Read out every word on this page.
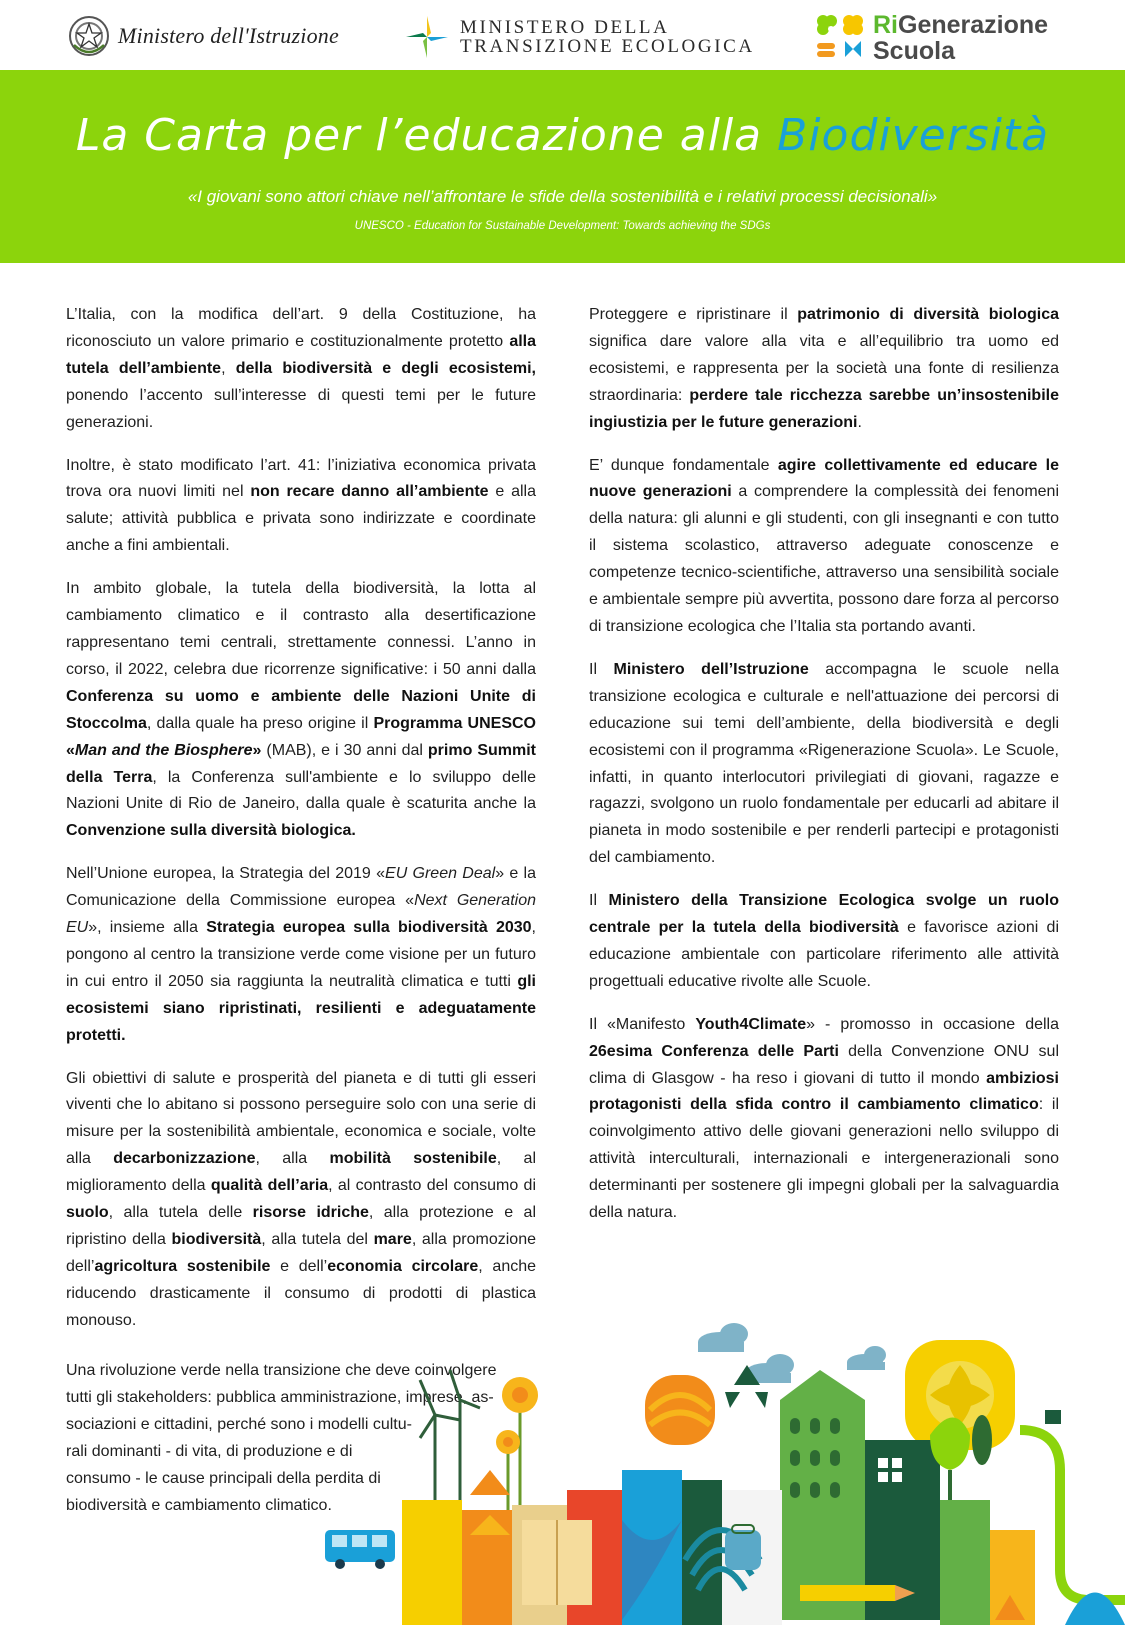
Ministero dell'Istruzione	MINISTERO DELLA
TRANSIZIONE ECOLOGICA
RiGenerazione
Scuola
La Carta per l’educazione alla Biodiversità
«I giovani sono attori chiave nell’affrontare le sfide della sostenibilità e i relativi processi decisionali»
UNESCO - Education for Sustainable Development: Towards achieving the SDGs

L’Italia, con la modifica dell’art. 9 della Costituzione, ha riconosciuto un valore primario e costituzionalmente protetto alla tutela dell’ambiente, della biodiversità e degli ecosistemi, ponendo l’accento sull’interesse di questi temi per le future generazioni.

Inoltre, è stato modificato l’art. 41: l’iniziativa economica privata trova ora nuovi limiti nel non recare danno all’ambiente e alla salute; attività pubblica e privata sono indirizzate e coordinate anche a fini ambientali.

In ambito globale, la tutela della biodiversità, la lotta al cambiamento climatico e il contrasto alla desertificazione rappresentano temi centrali, strettamente connessi. L’anno in corso, il 2022, celebra due ricorrenze significative: i 50 anni dalla Conferenza su uomo e ambiente delle Nazioni Unite di Stoccolma, dalla quale ha preso origine il Programma UNESCO «Man and the Biosphere» (MAB), e i 30 anni dal primo Summit della Terra, la Conferenza sull'ambiente e lo sviluppo delle Nazioni Unite di Rio de Janeiro, dalla quale è scaturita anche la Convenzione sulla diversità biologica.

Nell’Unione europea, la Strategia del 2019 «EU Green Deal» e la Comunicazione della Commissione europea «Next Generation EU», insieme alla Strategia europea sulla biodiversità 2030, pongono al centro la transizione verde come visione per un futuro in cui entro il 2050 sia raggiunta la neutralità climatica e tutti gli ecosistemi siano ripristinati, resilienti e adeguatamente protetti.

Gli obiettivi di salute e prosperità del pianeta e di tutti gli esseri viventi che lo abitano si possono perseguire solo con una serie di misure per la sostenibilità ambientale, economica e sociale, volte alla decarbonizzazione, alla mobilità sostenibile, al miglioramento della qualità dell’aria, al contrasto del consumo di suolo, alla tutela delle risorse idriche, alla protezione e al ripristino della biodiversità, alla tutela del mare, alla promozione dell’agricoltura sostenibile e dell’economia circolare, anche riducendo drasticamente il consumo di prodotti di plastica monouso.

Una rivoluzione verde nella transizione che deve coinvolgere
tutti gli stakeholders: pubblica amministrazione, imprese, as-
sociazioni e cittadini, perché sono i modelli cultu-
rali dominanti - di vita, di produzione e di
consumo - le cause principali della perdita di
biodiversità e cambiamento climatico.

Proteggere e ripristinare il patrimonio di diversità biologica significa dare valore alla vita e all’equilibrio tra uomo ed ecosistemi, e rappresenta per la società una fonte di resilienza straordinaria: perdere tale ricchezza sarebbe un’insostenibile ingiustizia per le future generazioni.

E’ dunque fondamentale agire collettivamente ed educare le nuove generazioni a comprendere la complessità dei fenomeni della natura: gli alunni e gli studenti, con gli insegnanti e con tutto il sistema scolastico, attraverso adeguate conoscenze e competenze tecnico-scientifiche, attraverso una sensibilità sociale e ambientale sempre più avvertita, possono dare forza al percorso di transizione ecologica che l’Italia sta portando avanti.

Il Ministero dell’Istruzione accompagna le scuole nella transizione ecologica e culturale e nell'attuazione dei percorsi di educazione sui temi dell’ambiente, della biodiversità e degli ecosistemi con il programma «Rigenerazione Scuola». Le Scuole, infatti, in quanto interlocutori privilegiati di giovani, ragazze e ragazzi, svolgono un ruolo fondamentale per educarli ad abitare il pianeta in modo sostenibile e per renderli partecipi e protagonisti del cambiamento.

Il Ministero della Transizione Ecologica svolge un ruolo centrale per la tutela della biodiversità e favorisce azioni di educazione ambientale con particolare riferimento alle attività progettuali educative rivolte alle Scuole.

Il «Manifesto Youth4Climate» - promosso in occasione della 26esima Conferenza delle Parti della Convenzione ONU sul clima di Glasgow - ha reso i giovani di tutto il mondo ambiziosi protagonisti della sfida contro il cambiamento climatico: il coinvolgimento attivo delle giovani generazioni nello sviluppo di attività interculturali, internazionali e intergenerazionali sono determinanti per sostenere gli impegni globali per la salvaguardia della natura.
